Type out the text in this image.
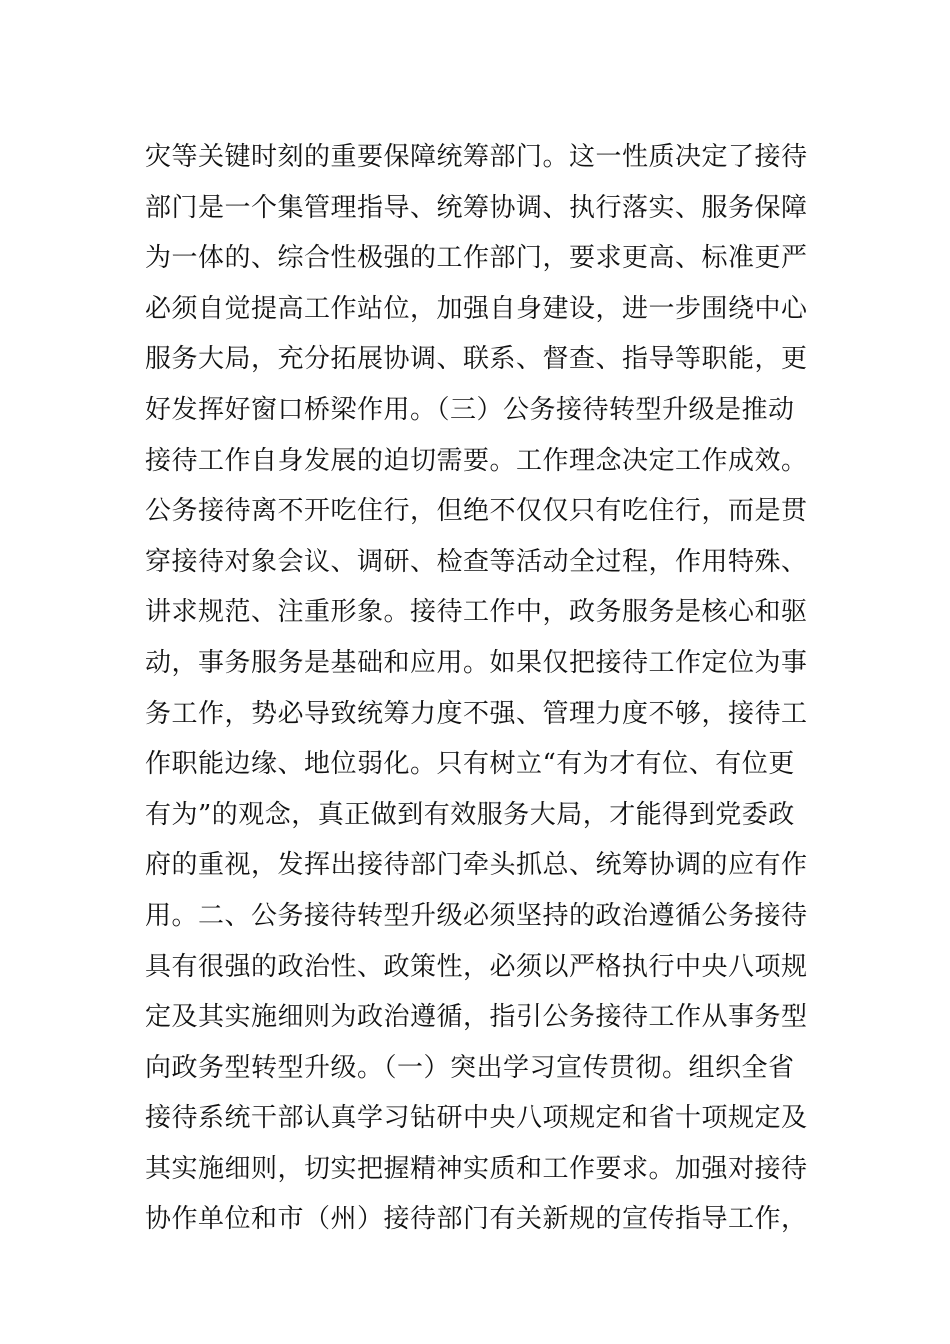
灾等关键时刻的重要保障统筹部门。这一性质决定了接待
部门是一个集管理指导、统筹协调、执行落实、服务保障
为一体的、综合性极强的工作部门，要求更高、标准更严
必须自觉提高工作站位，加强自身建设，进一步围绕中心
服务大局，充分拓展协调、联系、督查、指导等职能，更
好发挥好窗口桥梁作用。（三）公务接待转型升级是推动
接待工作自身发展的迫切需要。工作理念决定工作成效。
公务接待离不开吃住行，但绝不仅仅只有吃住行，而是贯
穿接待对象会议、调研、检查等活动全过程，作用特殊、
讲求规范、注重形象。接待工作中，政务服务是核心和驱
动，事务服务是基础和应用。如果仅把接待工作定位为事
务工作，势必导致统筹力度不强、管理力度不够，接待工
作职能边缘、地位弱化。只有树立“有为才有位、有位更
有为”的观念，真正做到有效服务大局，才能得到党委政
府的重视，发挥出接待部门牵头抓总、统筹协调的应有作
用。二、公务接待转型升级必须坚持的政治遵循公务接待
具有很强的政治性、政策性，必须以严格执行中央八项规
定及其实施细则为政治遵循，指引公务接待工作从事务型
向政务型转型升级。（一）突出学习宣传贯彻。组织全省
接待系统干部认真学习钻研中央八项规定和省十项规定及
其实施细则，切实把握精神实质和工作要求。加强对接待
协作单位和市（州）接待部门有关新规的宣传指导工作，
